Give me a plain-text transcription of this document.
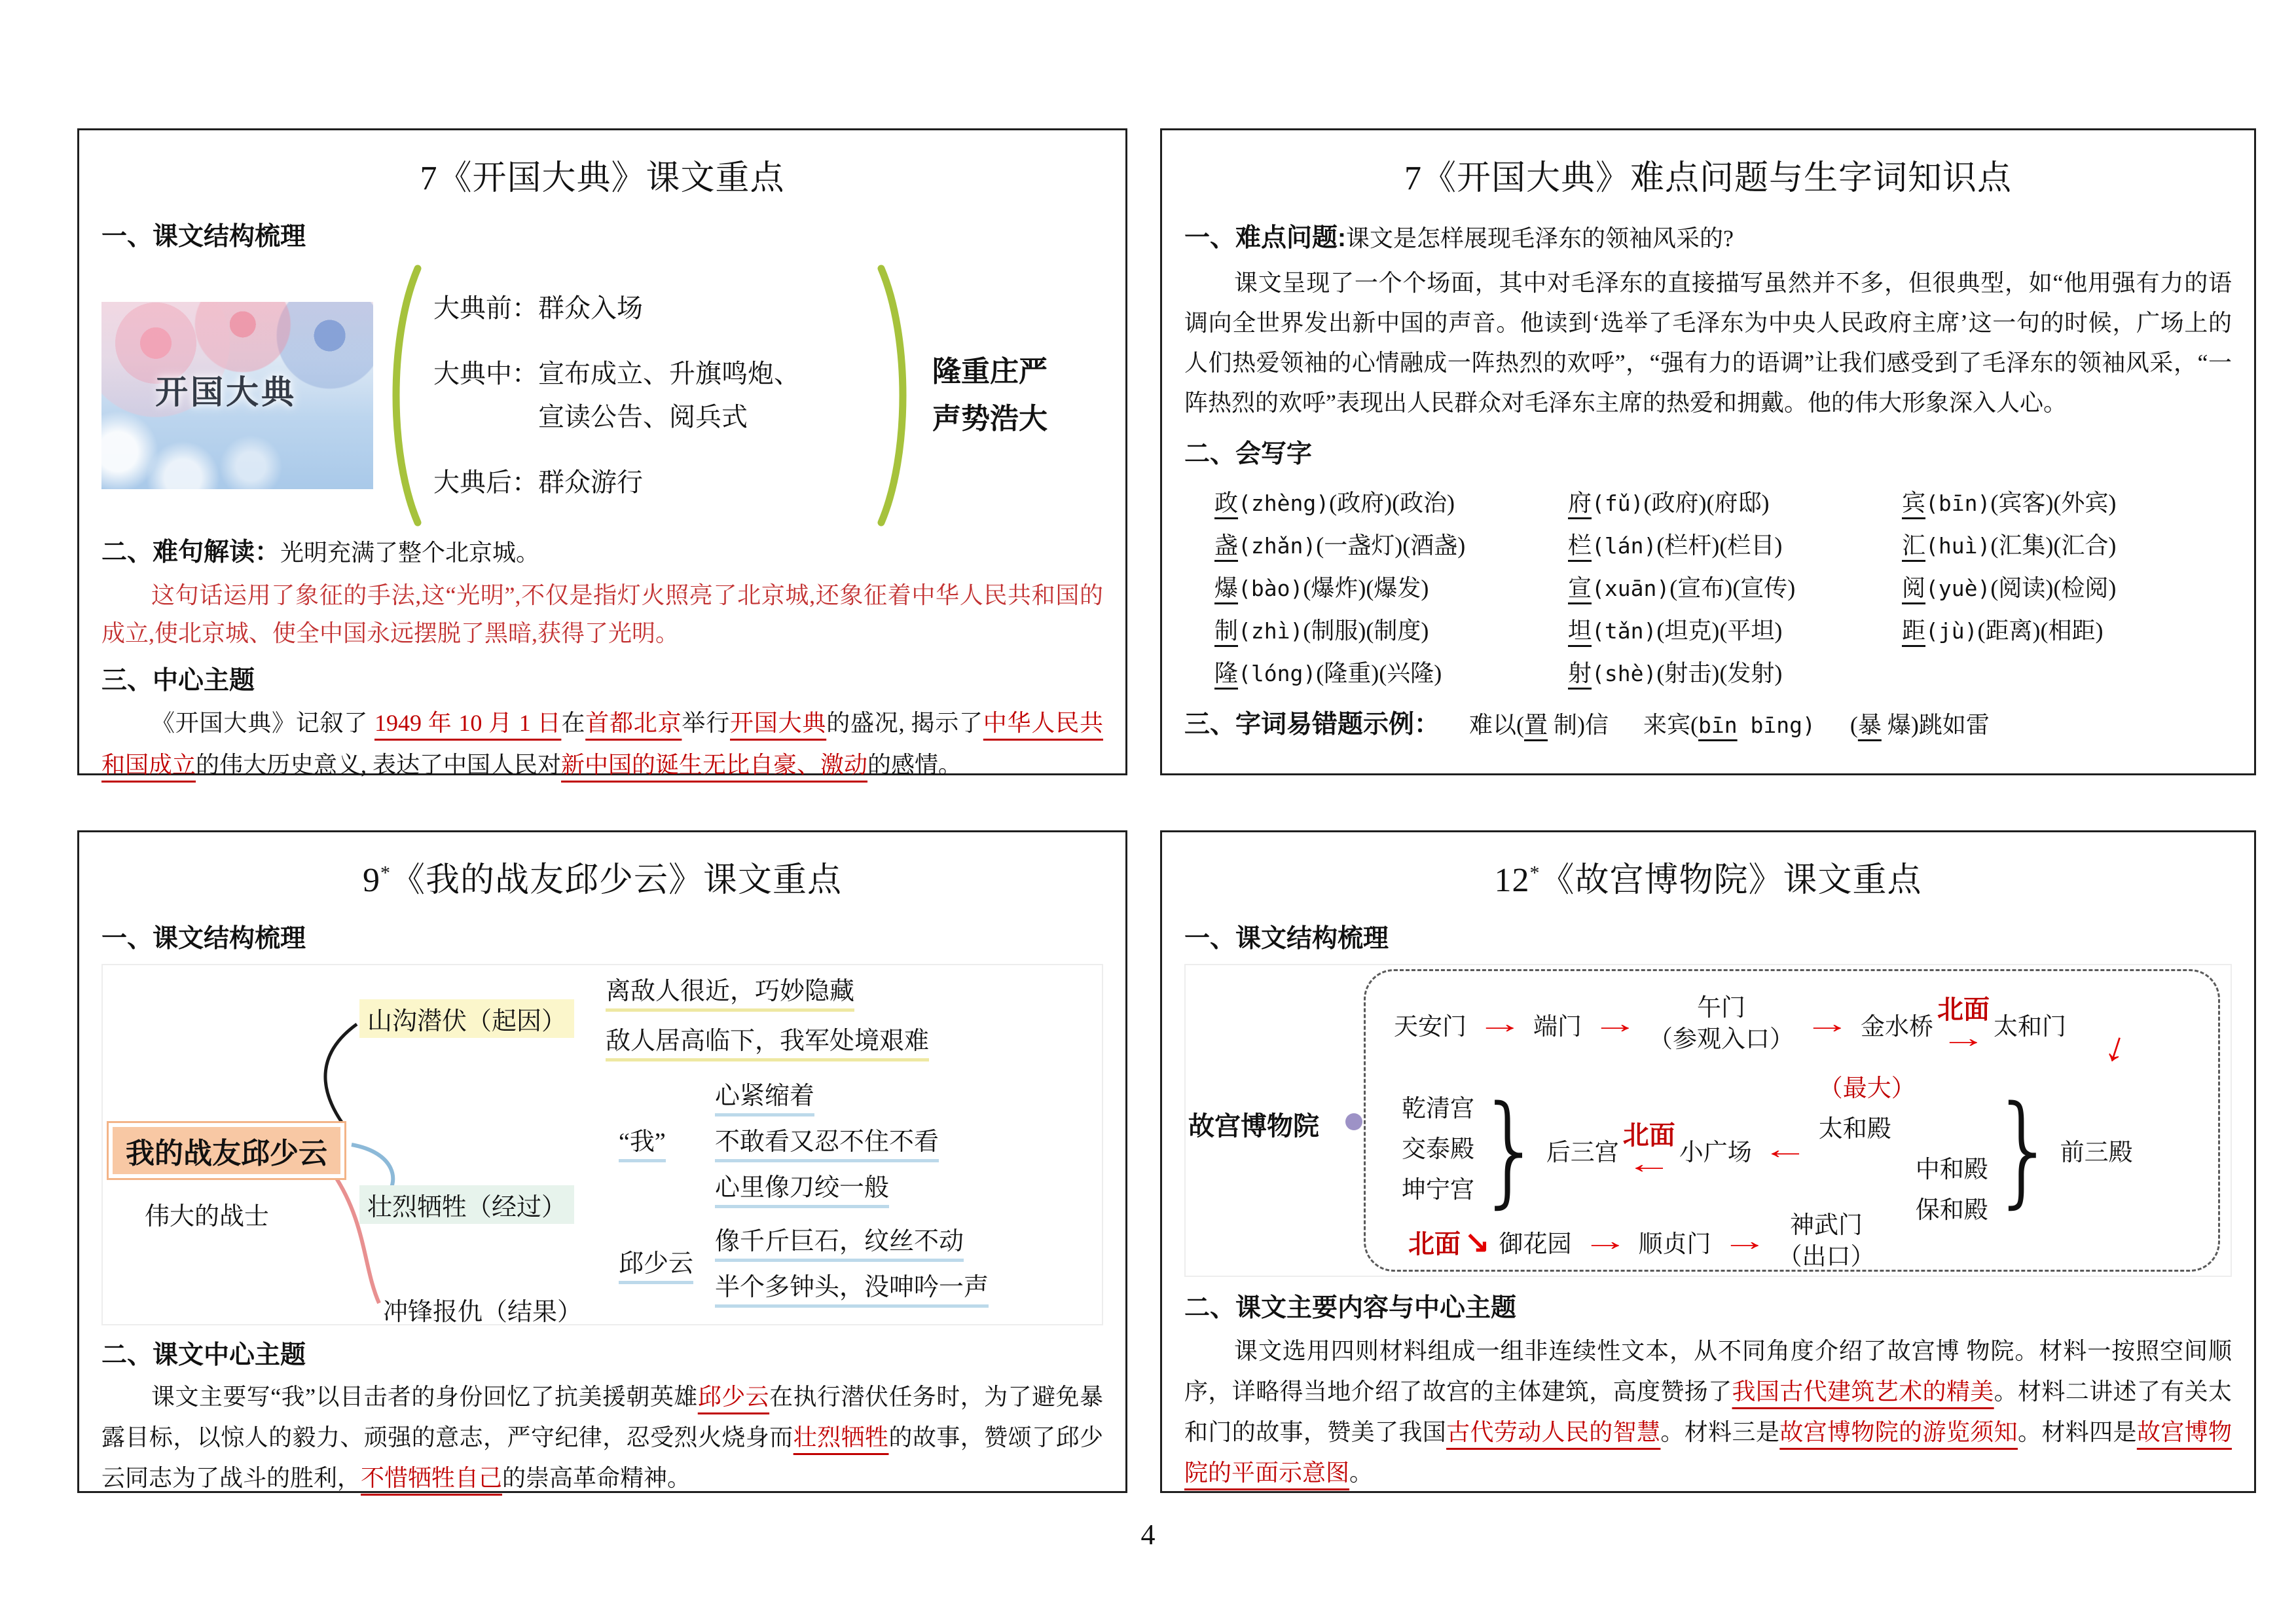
7《开国大典》课文重点
一、课文结构梳理
开国大典
大典前：群众入场
大典中：宣布成立、升旗鸣炮、
宣读公告、阅兵式
大典后：群众游行
隆重庄严
声势浩大
二、难句解读：光明充满了整个北京城。

这句话运用了象征的手法,这“光明”,不仅是指灯火照亮了北京城,还象征着中华人民共和国的成立,使北京城、使全中国永远摆脱了黑暗,获得了光明。

三、中心主题

《开国大典》记叙了 1949 年 10 月 1 日在首都北京举行开国大典的盛况, 揭示了中华人民共和国成立的伟大历史意义, 表达了中国人民对新中国的诞生无比自豪、激动的感情。

7《开国大典》难点问题与生字词知识点
一、难点问题:课文是怎样展现毛泽东的领袖风采的?

课文呈现了一个个场面，其中对毛泽东的直接描写虽然并不多，但很典型，如“他用强有力的语调向全世界发出新中国的声音。他读到‘选举了毛泽东为中央人民政府主席’这一句的时候，广场上的人们热爱领袖的心情融成一阵热烈的欢呼”，“强有力的语调”让我们感受到了毛泽东的领袖风采，“一阵热烈的欢呼”表现出人民群众对毛泽东主席的热爱和拥戴。他的伟大形象深入人心。

二、会写字
政(zhèng)(政府)(政治)
盏(zhǎn)(一盏灯)(酒盏)
爆(bào)(爆炸)(爆发)
制(zhì)(制服)(制度)
隆(lóng)(隆重)(兴隆)
府(fǔ)(政府)(府邸)
栏(lán)(栏杆)(栏目)
宣(xuān)(宣布)(宣传)
坦(tǎn)(坦克)(平坦)
射(shè)(射击)(发射)
宾(bīn)(宾客)(外宾)
汇(huì)(汇集)(汇合)
阅(yuè)(阅读)(检阅)
距(jù)(距离)(相距)
三、字词易错题示例： 难以(置 制)信 来宾(bīn bīng) (暴 爆)跳如雷
9*《我的战友邱少云》课文重点
一、课文结构梳理
我的战友邱少云
伟大的战士
山沟潜伏（起因）
离敌人很近，巧妙隐藏
敌人居高临下，我军处境艰难
心紧缩着
“我” 不敢看又忍不住不看
心里像刀绞一般
壮烈牺牲（经过）
邱少云
像千斤巨石，纹丝不动
半个多钟头，没呻吟一声
冲锋报仇（结果）
二、课文中心主题

课文主要写“我”以目击者的身份回忆了抗美援朝英雄邱少云在执行潜伏任务时，为了避免暴露目标，以惊人的毅力、顽强的意志，严守纪律，忍受烈火烧身而壮烈牺牲的故事，赞颂了邱少云同志为了战斗的胜利，不惜牺牲自己的崇高革命精神。

12*《故宫博物院》课文重点
一、课文结构梳理
故宫博物院
↓
天安门 → 端门 →
午门
（参观入口）
→ 金水桥
北面
→ 太和门
乾清宫
交泰殿
坤宁宫 } 后三宫
北面
← 小广场 ←
（最大）
太和殿
中和殿
保和殿 } 前三殿
北面 ↘ 御花园 → 顺贞门 →
神武门
（出口）
二、课文主要内容与中心主题

课文选用四则材料组成一组非连续性文本，从不同角度介绍了故宫博 物院。材料一按照空间顺序，详略得当地介绍了故宫的主体建筑，高度赞扬了我国古代建筑艺术的精美。材料二讲述了有关太和门的故事，赞美了我国古代劳动人民的智慧。材料三是故宫博物院的游览须知。材料四是故宫博物院的平面示意图。

4
